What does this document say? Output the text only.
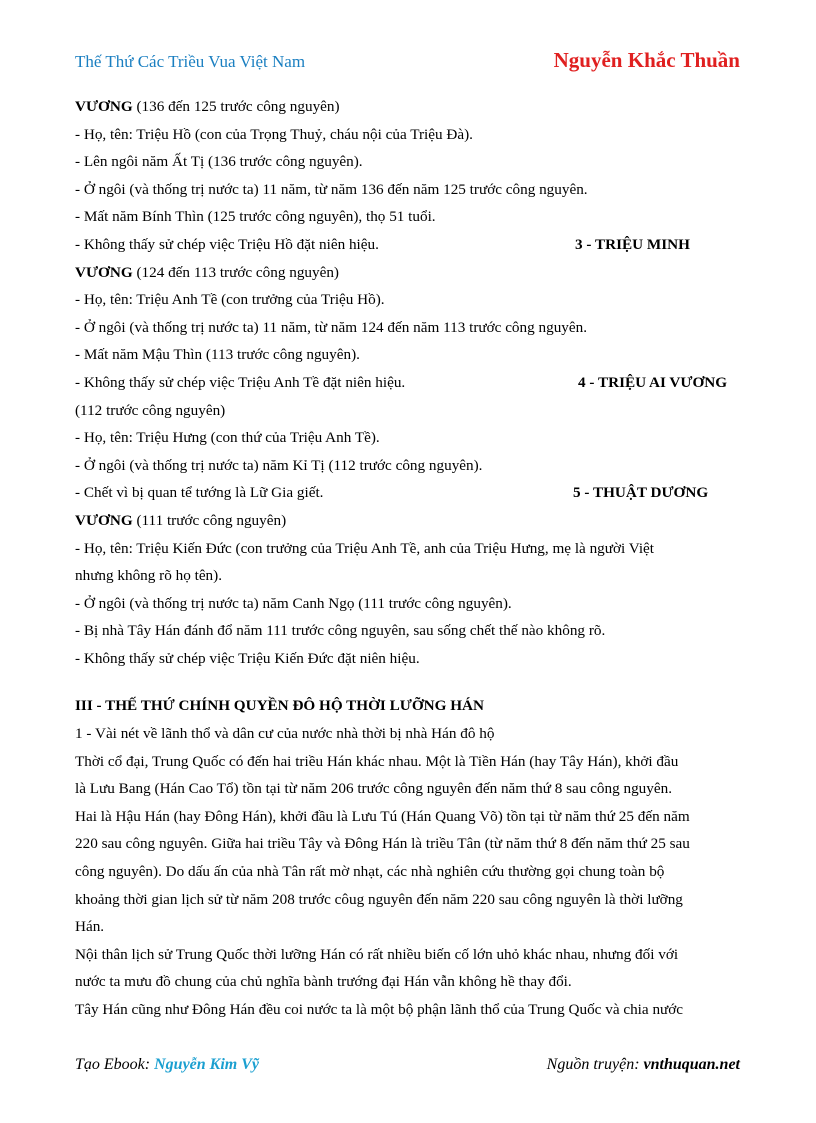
Thế Thứ Các Triều Vua Việt Nam	Nguyễn Khắc Thuần
VƯƠNG (136 đến 125 trước công nguyên)
- Họ, tên: Triệu Hồ (con của Trọng Thuỷ, cháu nội của Triệu Đà).
- Lên ngôi năm Ất Tị (136 trước công nguyên).
- Ở ngôi (và thống trị nước ta) 11 năm, từ năm 136 đến năm 125 trước công nguyên.
- Mất năm Bính Thìn (125 trước công nguyên), thọ 51 tuổi.
- Không thấy sử chép việc Triệu Hồ đặt niên hiệu.	3 - TRIỆU MINH
VƯƠNG (124 đến 113 trước công nguyên)
- Họ, tên: Triệu Anh Tề (con trưởng của Triệu Hồ).
- Ở ngôi (và thống trị nước ta) 11 năm, từ năm 124 đến năm 113 trước công nguyên.
- Mất năm Mậu Thìn (113 trước công nguyên).
- Không thấy sử chép việc Triệu Anh Tề đặt niên hiệu.	4 - TRIỆU AI VƯƠNG
(112 trước công nguyên)
- Họ, tên: Triệu Hưng (con thứ của Triệu Anh Tề).
- Ở ngôi (và thống trị nước ta) năm Kỉ Tị (112 trước công nguyên).
- Chết vì bị quan tể tướng là Lữ Gia giết.	5 - THUẬT DƯƠNG
VƯƠNG (111 trước công nguyên)
- Họ, tên: Triệu Kiến Đức (con trưởng của Triệu Anh Tề, anh của Triệu Hưng, mẹ là người Việt
nhưng không rõ họ tên).
- Ở ngôi (và thống trị nước ta) năm Canh Ngọ (111 trước công nguyên).
- Bị nhà Tây Hán đánh đổ năm 111 trước công nguyên, sau sống chết thế nào không rõ.
- Không thấy sử chép việc Triệu Kiến Đức đặt niên hiệu.
III - THẾ THỨ CHÍNH QUYỀN ĐÔ HỘ THỜI LƯỠNG HÁN
1 - Vài nét về lãnh thổ và dân cư của nước nhà thời bị nhà Hán đô hộ
Thời cổ đại, Trung Quốc có đến hai triều Hán khác nhau. Một là Tiền Hán (hay Tây Hán), khởi đầu
là Lưu Bang (Hán Cao Tổ) tồn tại từ năm 206 trước công nguyên đến năm thứ 8 sau công nguyên.
Hai là Hậu Hán (hay Đông Hán), khởi đầu là Lưu Tú (Hán Quang Võ) tồn tại từ năm thứ 25 đến năm
220 sau công nguyên. Giữa hai triều Tây và Đông Hán là triều Tân (từ năm thứ 8 đến năm thứ 25 sau
công nguyên). Do dấu ấn của nhà Tân rất mờ nhạt, các nhà nghiên cứu thường gọi chung toàn bộ
khoảng thời gian lịch sử từ năm 208 trước côug nguyên đến năm 220 sau công nguyên là thời lưỡng
Hán.
Nội thân lịch sử Trung Quốc thời lưỡng Hán có rất nhiều biến cố lớn uhỏ khác nhau, nhưng đối với
nước ta mưu đồ chung của chủ nghĩa bành trướng đại Hán vẫn không hề thay đổi.
Tây Hán cũng như Đông Hán đều coi nước ta là một bộ phận lãnh thổ của Trung Quốc và chia nước
Tạo Ebook: Nguyễn Kim Vỹ	Nguồn truyện: vnthuquan.net
